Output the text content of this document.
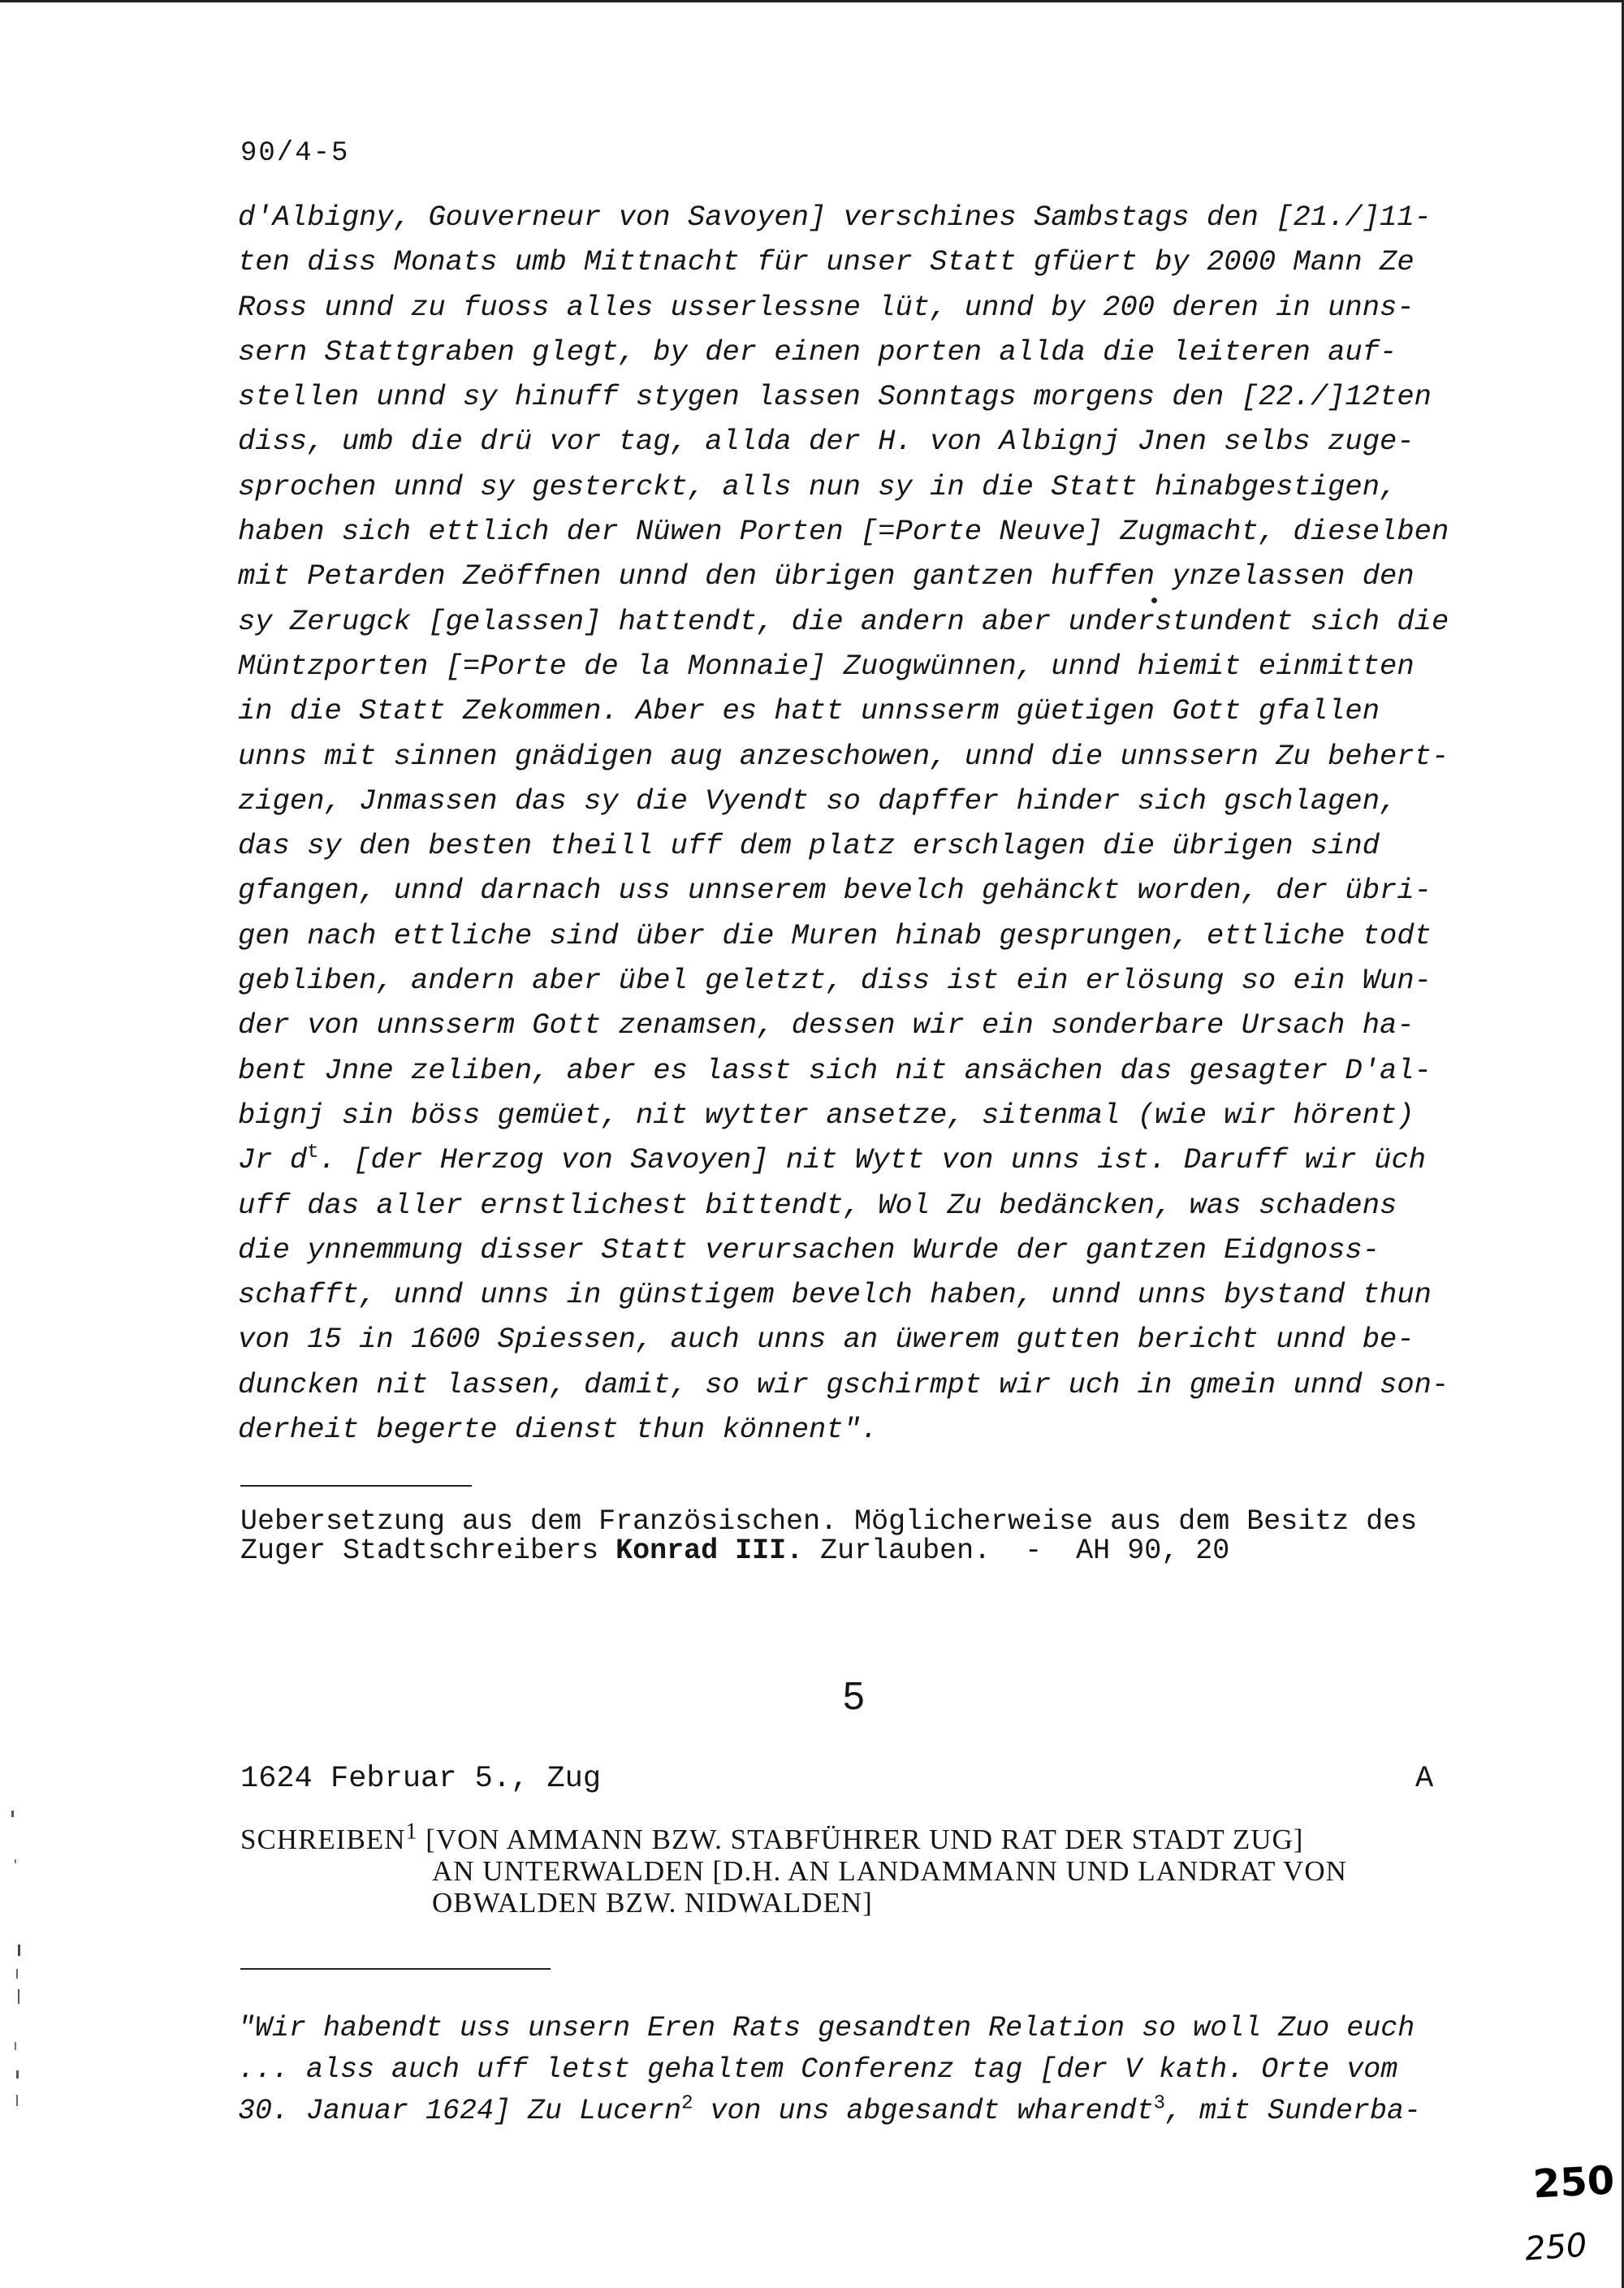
90/4-5
d'Albigny, Gouverneur von Savoyen] verschines Sambstags den [21./]11-
ten diss Monats umb Mittnacht für unser Statt gfüert by 2000 Mann Ze
Ross unnd zu fuoss alles usserlessne lüt, unnd by 200 deren in unns-
sern Stattgraben glegt, by der einen porten allda die leiteren auf-
stellen unnd sy hinuff stygen lassen Sonntags morgens den [22./]12ten
diss, umb die drü vor tag, allda der H. von Albignj Jnen selbs zuge-
sprochen unnd sy gesterckt, alls nun sy in die Statt hinabgestigen,
haben sich ettlich der Nüwen Porten [=Porte Neuve] Zugmacht, dieselben
mit Petarden Zeöffnen unnd den übrigen gantzen huffen ynzelassen den
sy Zerugck [gelassen] hattendt, die andern aber understundent sich die
Müntzporten [=Porte de la Monnaie] Zuogwünnen, unnd hiemit einmitten
in die Statt Zekommen. Aber es hatt unnsserm güetigen Gott gfallen
unns mit sinnen gnädigen aug anzeschowen, unnd die unnssern Zu behert-
zigen, Jnmassen das sy die Vyendt so dapffer hinder sich gschlagen,
das sy den besten theill uff dem platz erschlagen die übrigen sind
gfangen, unnd darnach uss unnserem bevelch gehänckt worden, der übri-
gen nach ettliche sind über die Muren hinab gesprungen, ettliche todt
gebliben, andern aber übel geletzt, diss ist ein erlösung so ein Wun-
der von unnsserm Gott zenamsen, dessen wir ein sonderbare Ursach ha-
bent Jnne zeliben, aber es lasst sich nit ansächen das gesagter D'al-
bignj sin böss gemüet, nit wytter ansetze, sitenmal (wie wir hörent)
Jr $d^t$. [der Herzog von Savoyen] nit Wytt von unns ist. Daruff wir üch
uff das aller ernstlichest bittendt, Wol Zu bedäncken, was schadens
die ynnemmung disser Statt verursachen Wurde der gantzen Eidgnoss-
schafft, unnd unns in günstigem bevelch haben, unnd unns bystand thun
von 15 in 1600 Spiessen, auch unns an üwerem gutten bericht unnd be-
duncken nit lassen, damit, so wir gschirmpt wir uch in gmein unnd son-
derheit begerte dienst thun könnent".
Uebersetzung aus dem Französischen. Möglicherweise aus dem Besitz des
Zuger Stadtschreibers Konrad III. Zurlauben.  -  AH 90, 20
5
1624 Februar 5., Zug	A
SCHREIBEN$^1$ [VON AMMANN BZW. STABFÜHRER UND RAT DER STADT ZUG]
AN UNTERWALDEN [D.H. AN LANDAMMANN UND LANDRAT VON
OBWALDEN BZW. NIDWALDEN]
"Wir habendt uss unsern Eren Rats gesandten Relation so woll Zuo euch
... alss auch uff letst gehaltem Conferenz tag [der V kath. Orte vom
30. Januar 1624] Zu Lucern$^2$ von uns abgesandt wharendt$^3$, mit Sunderba-
250
250
